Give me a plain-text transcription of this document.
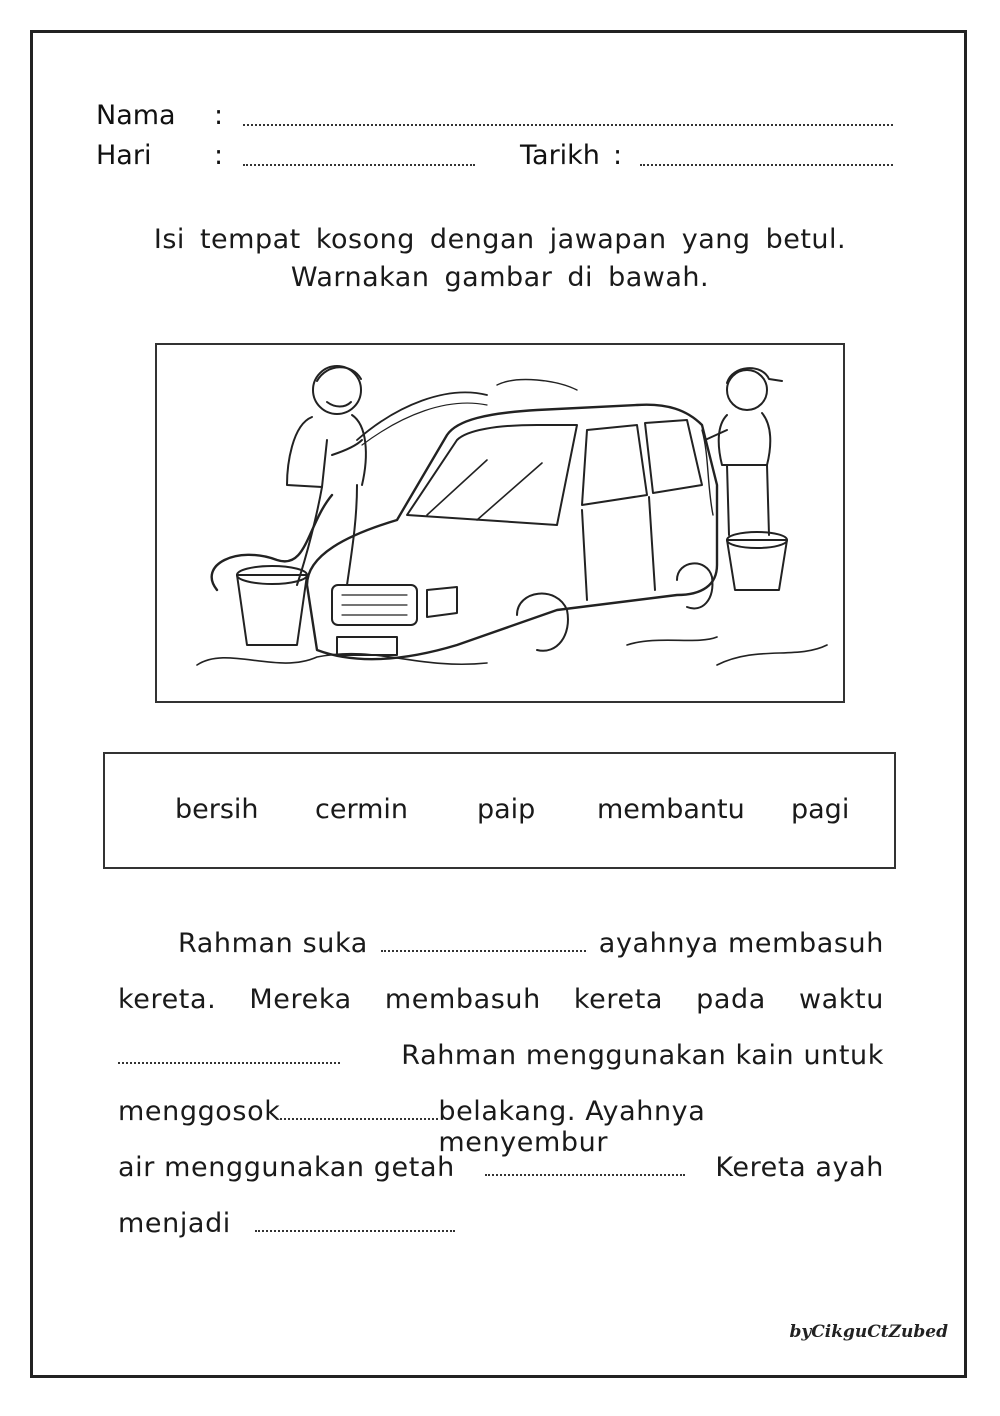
Nama :
Hari :	Tarikh :
Isi tempat kosong dengan jawapan yang betul.
Warnakan gambar di bawah.
bersih cermin	paip membantu pagi
Rahman suka	ayahnya membasuh
kereta. Mereka membasuh kereta pada waktu
Rahman menggunakan kain untuk
menggosok	belakang. Ayahnya menyembur
air menggunakan getah	Kereta ayah
menjadi
byCikguCtZubed
